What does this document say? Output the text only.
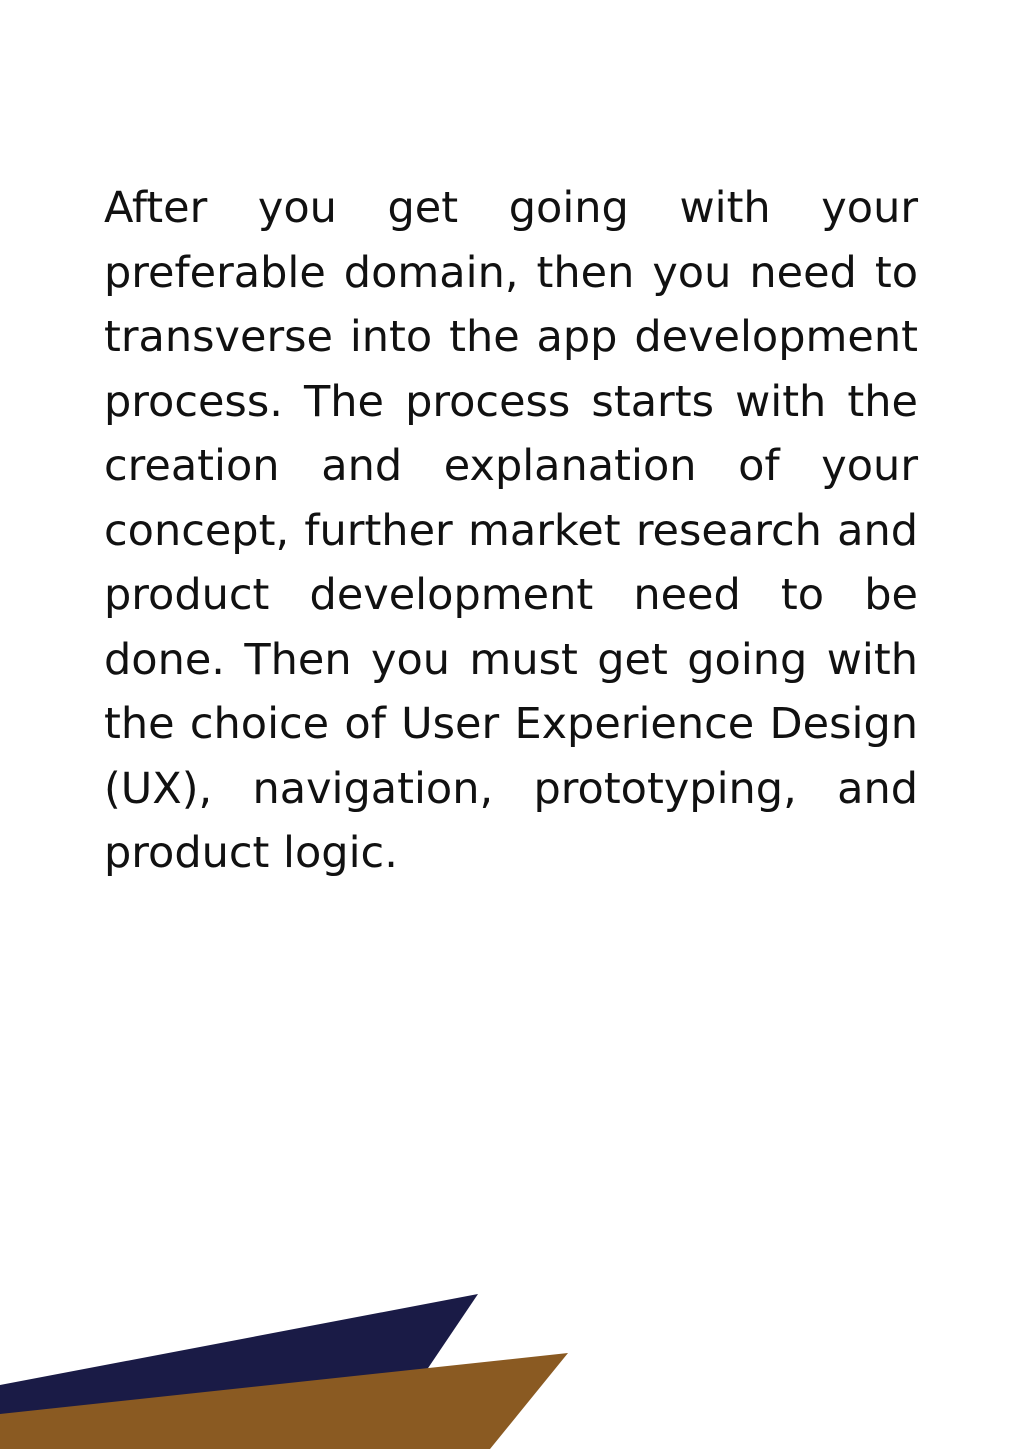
After you get going with your preferable domain, then you need to transverse into the app development process. The process starts with the creation and explanation of your concept, further market research and product development need to be done. Then you must get going with the choice of User Experience Design (UX), navigation, prototyping, and product logic.
